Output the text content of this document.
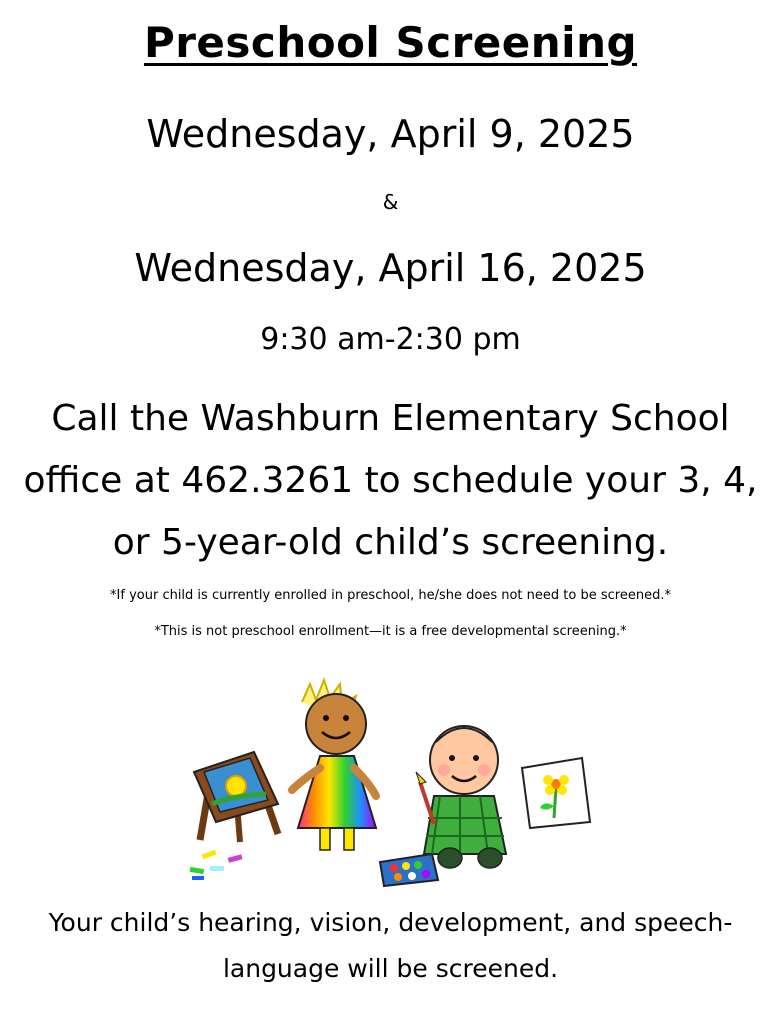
Preschool Screening
Wednesday, April 9, 2025
&
Wednesday, April 16, 2025
9:30 am-2:30 pm
Call the Washburn Elementary School
office at 462.3261 to schedule your 3, 4,
or 5-year-old child’s screening.
*If your child is currently enrolled in preschool, he/she does not need to be screened.*
*This is not preschool enrollment—it is a free developmental screening.*
Your child’s hearing, vision, development, and speech-
language will be screened.
